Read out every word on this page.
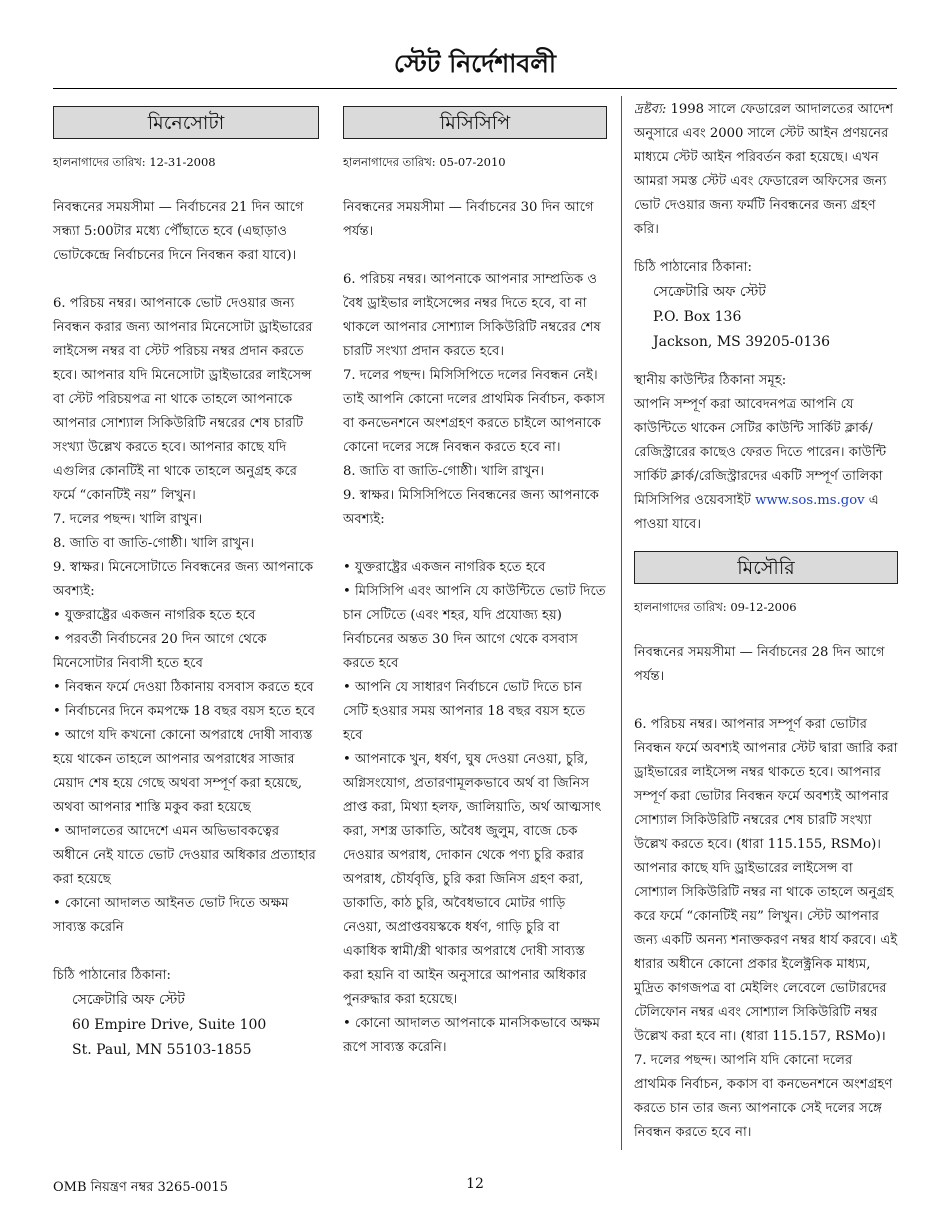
স্টেট নির্দেশাবলী
মিনেসোটা
হালনাগাদের তারিখ: 12-31-2008

নিবন্ধনের সময়সীমা — নির্বাচনের 21 দিন আগে সন্ধ্যা 5:00টার মধ্যে পৌঁছাতে হবে (এছাড়াও ভোটকেন্দ্রে নির্বাচনের দিনে নিবন্ধন করা যাবে)।

6. পরিচয় নম্বর। আপনাকে ভোট দেওয়ার জন্য নিবন্ধন করার জন্য আপনার মিনেসোটা ড্রাইভারের লাইসেন্স নম্বর বা স্টেট পরিচয় নম্বর প্রদান করতে হবে। আপনার যদি মিনেসোটা ড্রাইভারের লাইসেন্স বা স্টেট পরিচয়পত্র না থাকে তাহলে আপনাকে আপনার সোশ্যাল সিকিউরিটি নম্বরের শেষ চারটি সংখ্যা উল্লেখ করতে হবে। আপনার কাছে যদি এগুলির কোনটিই না থাকে তাহলে অনুগ্রহ করে ফর্মে “কোনটিই নয়” লিখুন।

7. দলের পছন্দ। খালি রাখুন।

8. জাতি বা জাতি-গোষ্ঠী। খালি রাখুন।

9. স্বাক্ষর। মিনেসোটাতে নিবন্ধনের জন্য আপনাকে অবশ্যই:

• যুক্তরাষ্ট্রের একজন নাগরিক হতে হবে
• পরবর্তী নির্বাচনের 20 দিন আগে থেকে মিনেসোটার নিবাসী হতে হবে
• নিবন্ধন ফর্মে দেওয়া ঠিকানায় বসবাস করতে হবে
• নির্বাচনের দিনে কমপক্ষে 18 বছর বয়স হতে হবে
• আগে যদি কখনো কোনো অপরাধে দোষী সাব্যস্ত হয়ে থাকেন তাহলে আপনার অপরাধের সাজার মেয়াদ শেষ হয়ে গেছে অথবা সম্পূর্ণ করা হয়েছে, অথবা আপনার শাস্তি মকুব করা হয়েছে
• আদালতের আদেশে এমন অভিভাবকত্বের অধীনে নেই যাতে ভোট দেওয়ার অধিকার প্রত্যাহার করা হয়েছে
• কোনো আদালত আইনত ভোট দিতে অক্ষম সাব্যস্ত করেনি

চিঠি পাঠানোর ঠিকানা:

সেক্রেটারি অফ স্টেট
60 Empire Drive, Suite 100
St. Paul, MN 55103-1855
মিসিসিপি
হালনাগাদের তারিখ: 05-07-2010

নিবন্ধনের সময়সীমা — নির্বাচনের 30 দিন আগে পর্যন্ত।

6. পরিচয় নম্বর। আপনাকে আপনার সাম্প্রতিক ও বৈধ ড্রাইভার লাইসেন্সের নম্বর দিতে হবে, বা না থাকলে আপনার সোশ্যাল সিকিউরিটি নম্বরের শেষ চারটি সংখ্যা প্রদান করতে হবে।

7. দলের পছন্দ। মিসিসিপিতে দলের নিবন্ধন নেই। তাই আপনি কোনো দলের প্রাথমিক নির্বাচন, ককাস বা কনভেনশনে অংশগ্রহণ করতে চাইলে আপনাকে কোনো দলের সঙ্গে নিবন্ধন করতে হবে না।

8. জাতি বা জাতি-গোষ্ঠী। খালি রাখুন।

9. স্বাক্ষর। মিসিসিপিতে নিবন্ধনের জন্য আপনাকে অবশ্যই:

• যুক্তরাষ্ট্রের একজন নাগরিক হতে হবে
• মিসিসিপি এবং আপনি যে কাউন্টিতে ভোট দিতে চান সেটিতে (এবং শহর, যদি প্রযোজ্য হয়) নির্বাচনের অন্তত 30 দিন আগে থেকে বসবাস করতে হবে
• আপনি যে সাধারণ নির্বাচনে ভোট দিতে চান সেটি হওয়ার সময় আপনার 18 বছর বয়স হতে হবে
• আপনাকে খুন, ধর্ষণ, ঘুষ দেওয়া নেওয়া, চুরি, অগ্নিসংযোগ, প্রতারণামূলকভাবে অর্থ বা জিনিস প্রাপ্ত করা, মিথ্যা হলফ, জালিয়াতি, অর্থ আত্মসাৎ করা, সশস্ত্র ডাকাতি, অবৈধ জুলুম, বাজে চেক দেওয়ার অপরাধ, দোকান থেকে পণ্য চুরি করার অপরাধ, চৌর্যবৃত্তি, চুরি করা জিনিস গ্রহণ করা, ডাকাতি, কাঠ চুরি, অবৈধভাবে মোটর গাড়ি নেওয়া, অপ্রাপ্তবয়স্ককে ধর্ষণ, গাড়ি চুরি বা একাধিক স্বামী/স্ত্রী থাকার অপরাধে দোষী সাব্যস্ত করা হয়নি বা আইন অনুসারে আপনার অধিকার পুনরুদ্ধার করা হয়েছে।
• কোনো আদালত আপনাকে মানসিকভাবে অক্ষম রূপে সাব্যস্ত করেনি।

দ্রষ্টব্য: 1998 সালে ফেডারেল আদালতের আদেশ অনুসারে এবং 2000 সালে স্টেট আইন প্রণয়নের মাধ্যমে স্টেট আইন পরিবর্তন করা হয়েছে। এখন আমরা সমস্ত স্টেট এবং ফেডারেল অফিসের জন্য ভোট দেওয়ার জন্য ফর্মটি নিবন্ধনের জন্য গ্রহণ করি।

চিঠি পাঠানোর ঠিকানা:

সেক্রেটারি অফ স্টেট
P.O. Box 136
Jackson, MS 39205-0136

স্থানীয় কাউন্টির ঠিকানা সমূহ:

আপনি সম্পূর্ণ করা আবেদনপত্র আপনি যে কাউন্টিতে থাকেন সেটির কাউন্টি সার্কিট ক্লার্ক/রেজিস্ট্রারের কাছেও ফেরত দিতে পারেন। কাউন্টি সার্কিট ক্লার্ক/রেজিস্ট্রারদের একটি সম্পূর্ণ তালিকা মিসিসিপির ওয়েবসাইট www.sos.ms.gov এ পাওয়া যাবে।

মিসৌরি
হালনাগাদের তারিখ: 09-12-2006

নিবন্ধনের সময়সীমা — নির্বাচনের 28 দিন আগে পর্যন্ত।

6. পরিচয় নম্বর। আপনার সম্পূর্ণ করা ভোটার নিবন্ধন ফর্মে অবশ্যই আপনার স্টেট দ্বারা জারি করা ড্রাইভারের লাইসেন্স নম্বর থাকতে হবে। আপনার সম্পূর্ণ করা ভোটার নিবন্ধন ফর্মে অবশ্যই আপনার সোশ্যাল সিকিউরিটি নম্বরের শেষ চারটি সংখ্যা উল্লেখ করতে হবে। (ধারা 115.155, RSMo)। আপনার কাছে যদি ড্রাইভারের লাইসেন্স বা সোশ্যাল সিকিউরিটি নম্বর না থাকে তাহলে অনুগ্রহ করে ফর্মে “কোনটিই নয়” লিখুন। স্টেট আপনার জন্য একটি অনন্য শনাক্তকরণ নম্বর ধার্য করবে। এই ধারার অধীনে কোনো প্রকার ইলেক্ট্রনিক মাধ্যম, মুদ্রিত কাগজপত্র বা মেইলিং লেবেলে ভোটারদের টেলিফোন নম্বর এবং সোশ্যাল সিকিউরিটি নম্বর উল্লেখ করা হবে না। (ধারা 115.157, RSMo)।

7. দলের পছন্দ। আপনি যদি কোনো দলের প্রাথমিক নির্বাচন, ককাস বা কনভেনশনে অংশগ্রহণ করতে চান তার জন্য আপনাকে সেই দলের সঙ্গে নিবন্ধন করতে হবে না।

OMB নিয়ন্ত্রণ নম্বর 3265-0015	12
